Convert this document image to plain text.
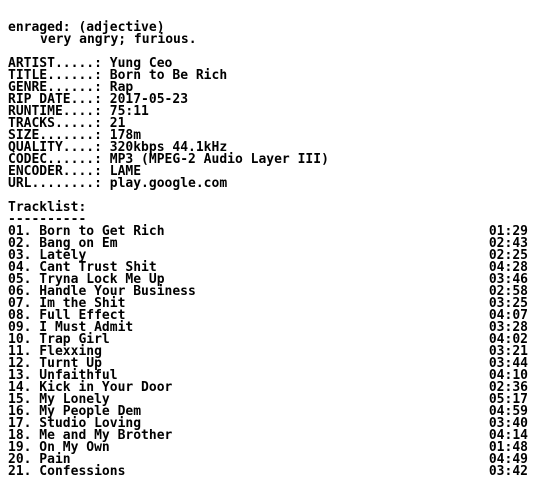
enraged: (adjective)
very angry; furious.
ARTIST.....: Yung Ceo
TITLE......: Born to Be Rich
GENRE......: Rap
RIP DATE...: 2017-05-23
RUNTIME....: 75:11
TRACKS.....: 21
SIZE.......: 178m
QUALITY....: 320kbps 44.1kHz
CODEC......: MP3 (MPEG-2 Audio Layer III)
ENCODER....: LAME
URL........: play.google.com
Tracklist:
----------
01. Born to Get Rich	01:29
02. Bang on Em	02:43
03. Lately	02:25
04. Cant Trust Shit	04:28
05. Tryna Lock Me Up	03:46
06. Handle Your Business	02:58
07. Im the Shit	03:25
08. Full Effect	04:07
09. I Must Admit	03:28
10. Trap Girl	04:02
11. Flexxing	03:21
12. Turnt Up	03:44
13. Unfaithful	04:10
14. Kick in Your Door	02:36
15. My Lonely	05:17
16. My People Dem	04:59
17. Studio Loving	03:40
18. Me and My Brother	04:14
19. On My Own	01:48
20. Pain	04:49
21. Confessions	03:42
